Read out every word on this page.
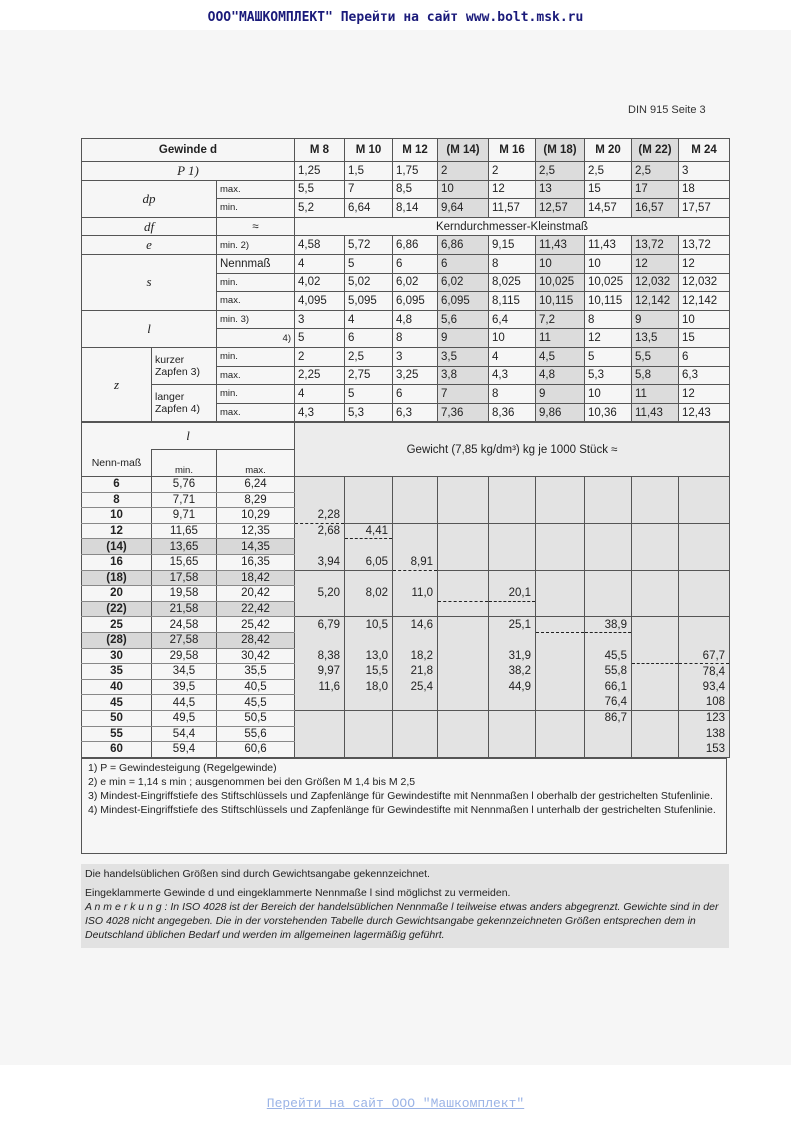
ООО"МАШКОМПЛЕКТ" Перейти на сайт www.bolt.msk.ru
DIN 915 Seite 3
Gewinde d			M 8	M 10	M 12	(M 14)	M 16	(M 18)	M 20	(M 22)	M 24
P 1)			1,25	1,5	1,75	2	2	2,5	2,5	2,5	3
dp		max.	5,5	7	8,5	10	12	13	15	17	18
		min.	5,2	6,64	8,14	9,64	11,57	12,57	14,57	16,57	17,57
df		≈	Kerndurchmesser-Kleinstmaß								
e		min. 2)	4,58	5,72	6,86	6,86	9,15	11,43	11,43	13,72	13,72
s		Nennmaß	4	5	6	6	8	10	10	12	12
		min.	4,02	5,02	6,02	6,02	8,025	10,025	10,025	12,032	12,032
		max.	4,095	5,095	6,095	6,095	8,115	10,115	10,115	12,142	12,142
l		min. 3)	3	4	4,8	5,6	6,4	7,2	8	9	10
		4)	5	6	8	9	10	11	12	13,5	15
z	kurzer Zapfen 3)	min.	2	2,5	3	3,5	4	4,5	5	5,5	6
		max.	2,25	2,75	3,25	3,8	4,3	4,8	5,3	5,8	6,3
	langer Zapfen 4)	min.	4	5	6	7	8	9	10	11	12
		max.	4,3	5,3	6,3	7,36	8,36	9,86	10,36	11,43	12,43
l			Gewicht (7,85 kg/dm³) kg je 1000 Stück ≈								
Nenn-maß	min.	max.									
6	5,76	6,24									
8	7,71	8,29									
10	9,71	10,29	2,28								
12	11,65	12,35	2,68	4,41							
(14)	13,65	14,35									
16	15,65	16,35	3,94	6,05	8,91						
(18)	17,58	18,42									
20	19,58	20,42	5,20	8,02	11,0		20,1				
(22)	21,58	22,42									
25	24,58	25,42	6,79	10,5	14,6		25,1		38,9		
(28)	27,58	28,42									
30	29,58	30,42	8,38	13,0	18,2		31,9		45,5		67,7
35	34,5	35,5	9,97	15,5	21,8		38,2		55,8		78,4
40	39,5	40,5	11,6	18,0	25,4		44,9		66,1		93,4
45	44,5	45,5							76,4		108
50	49,5	50,5							86,7		123
55	54,4	55,6									138
60	59,4	60,6									153
1) P = Gewindesteigung (Regelgewinde)
2) e min = 1,14 s min ; ausgenommen bei den Größen M 1,4 bis M 2,5
3) Mindest-Eingriffstiefe des Stiftschlüssels und Zapfenlänge für Gewindestifte mit Nennmaßen l oberhalb der gestrichelten Stufenlinie.
4) Mindest-Eingriffstiefe des Stiftschlüssels und Zapfenlänge für Gewindestifte mit Nennmaßen l unterhalb der gestrichelten Stufenlinie.
Die handelsüblichen Größen sind durch Gewichtsangabe gekennzeichnet.
Eingeklammerte Gewinde d und eingeklammerte Nennmaße l sind möglichst zu vermeiden.
A n m e r k u n g : In ISO 4028 ist der Bereich der handelsüblichen Nennmaße l teilweise etwas anders abgegrenzt. Gewichte sind in der ISO 4028 nicht angegeben. Die in der vorstehenden Tabelle durch Gewichtsangabe gekennzeichneten Größen entsprechen dem in Deutschland üblichen Bedarf und werden im allgemeinen lagermäßig geführt.
Перейти на сайт ООО "Машкомплект"
